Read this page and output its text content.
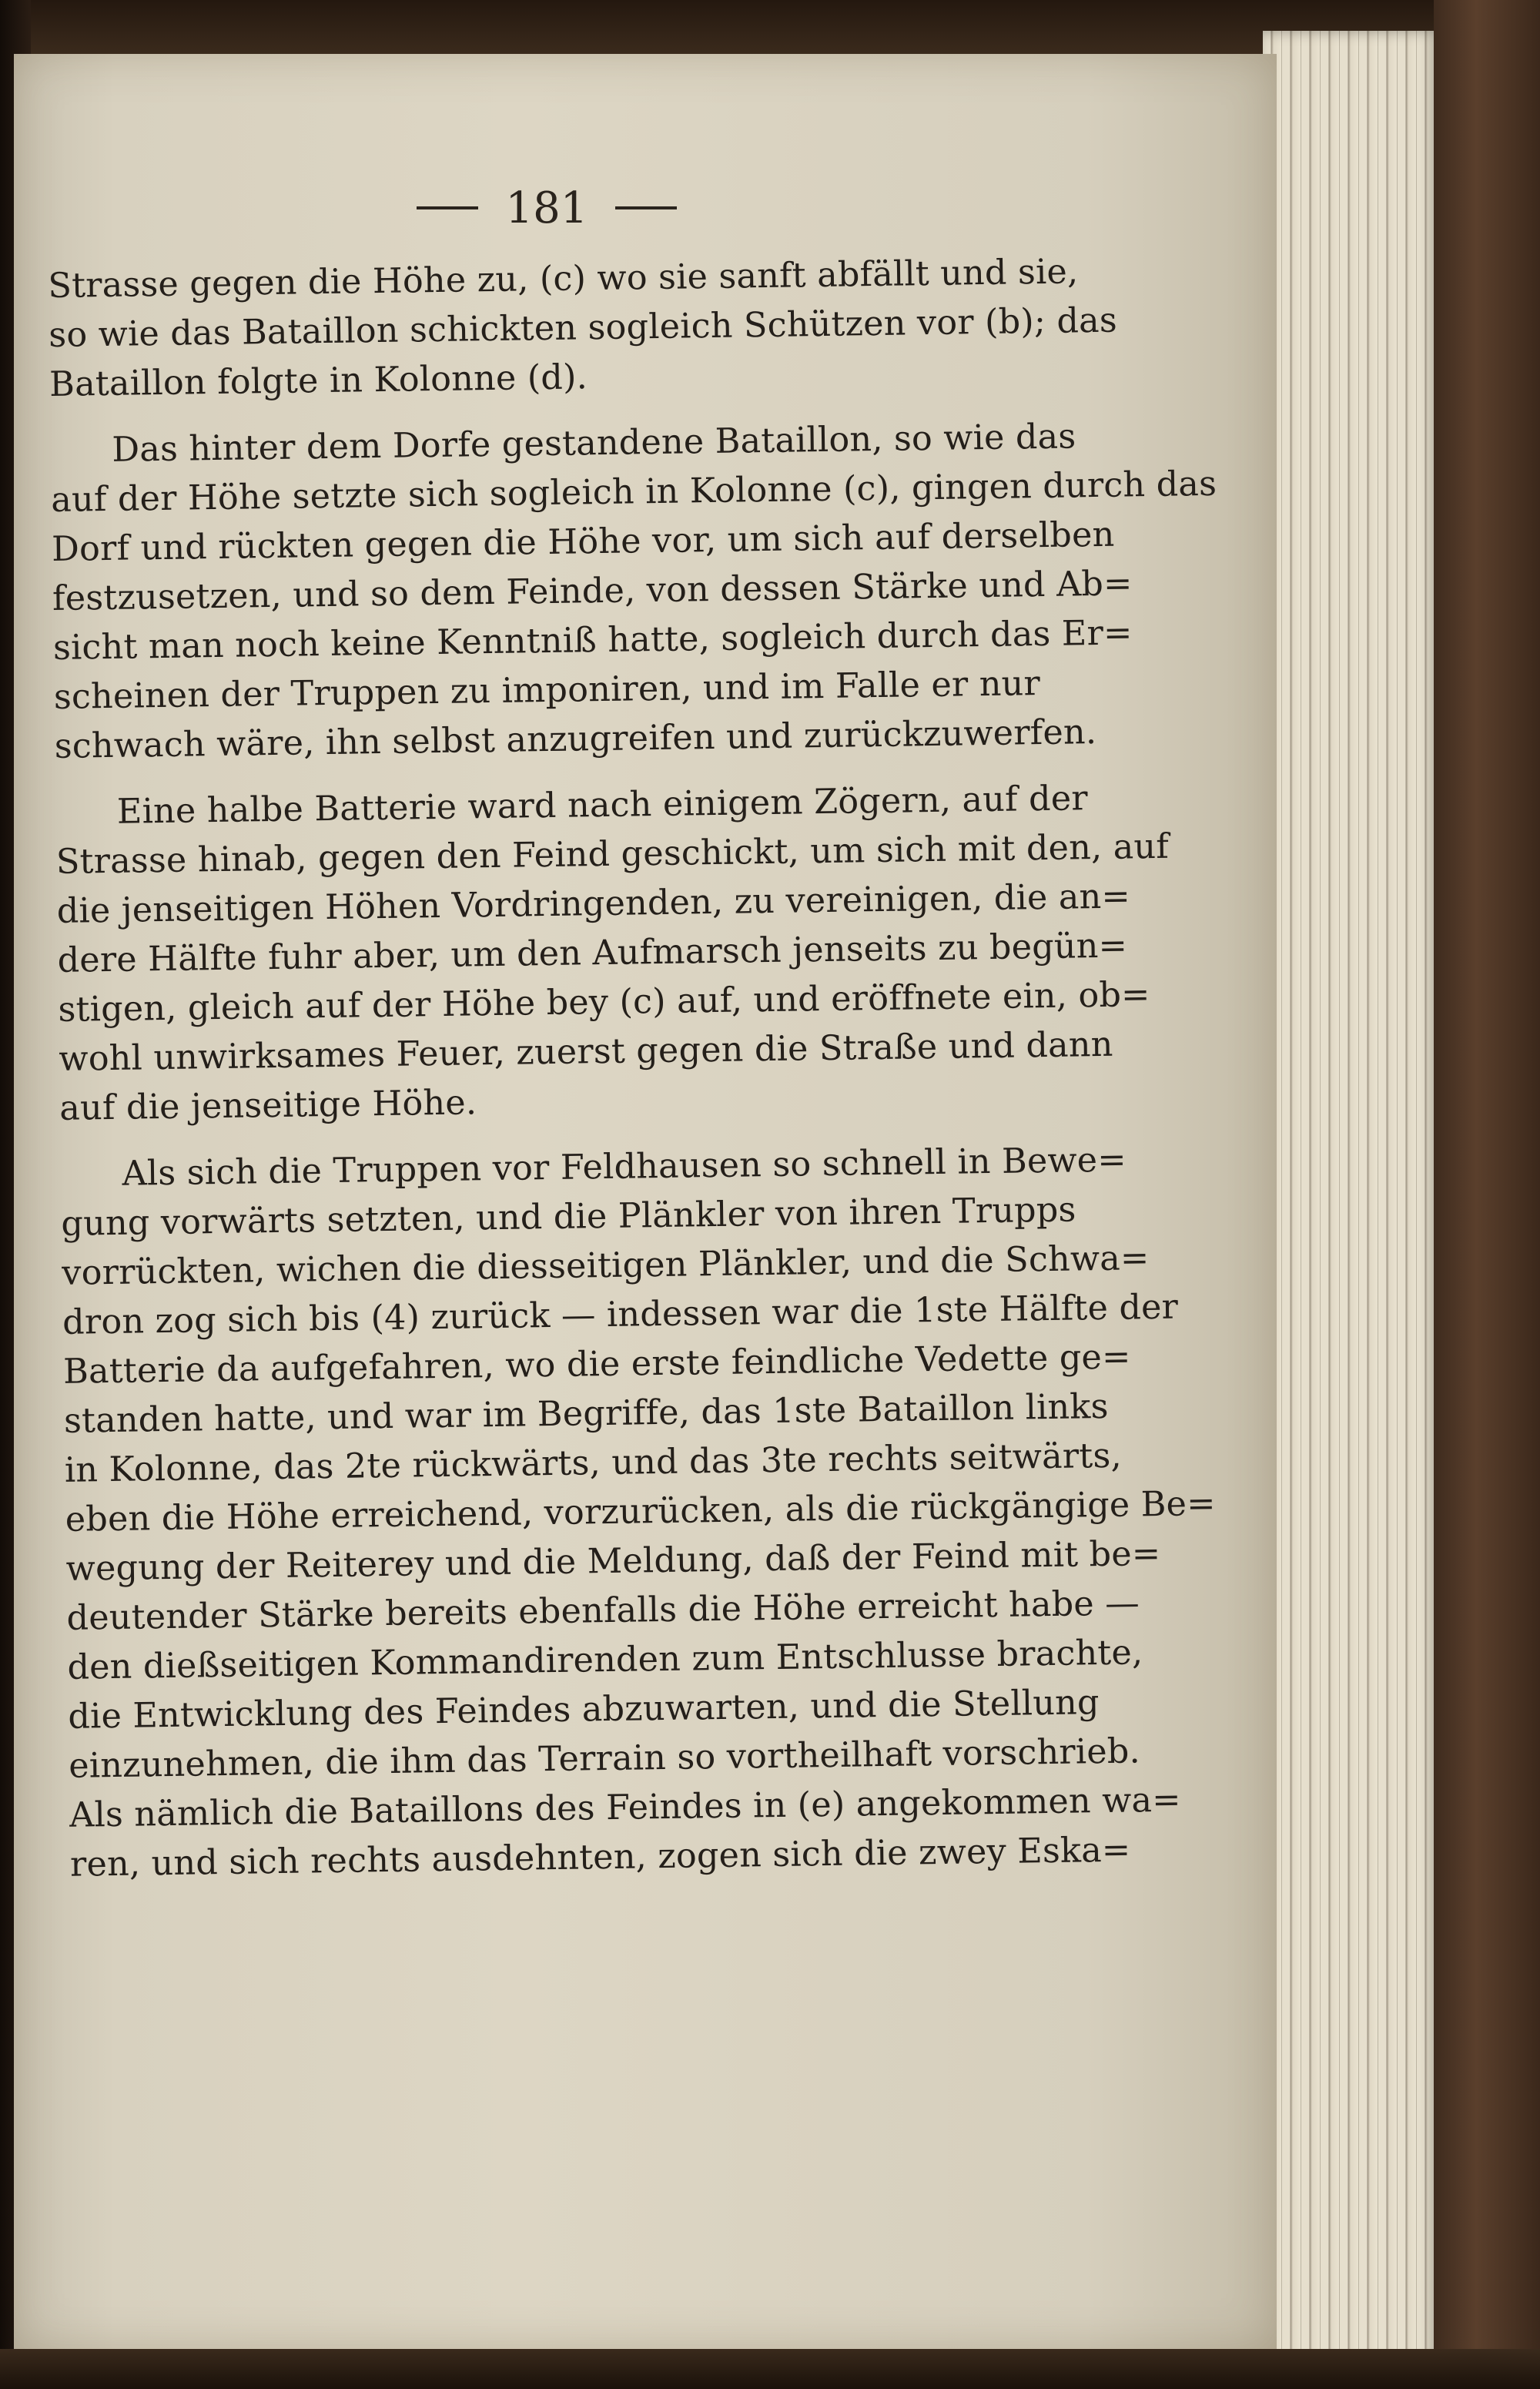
181
Strasse gegen die Höhe zu, (c) wo sie sanft abfällt und sie,
so wie das Bataillon schickten sogleich Schützen vor (b); das
Bataillon folgte in Kolonne (d).
Das hinter dem Dorfe gestandene Bataillon, so wie das
auf der Höhe setzte sich sogleich in Kolonne (c), gingen durch das
Dorf und rückten gegen die Höhe vor, um sich auf derselben
festzusetzen, und so dem Feinde, von dessen Stärke und Ab=
sicht man noch keine Kenntniß hatte, sogleich durch das Er=
scheinen der Truppen zu imponiren, und im Falle er nur
schwach wäre, ihn selbst anzugreifen und zurückzuwerfen.
Eine halbe Batterie ward nach einigem Zögern, auf der
Strasse hinab, gegen den Feind geschickt, um sich mit den, auf
die jenseitigen Höhen Vordringenden, zu vereinigen, die an=
dere Hälfte fuhr aber, um den Aufmarsch jenseits zu begün=
stigen, gleich auf der Höhe bey (c) auf, und eröffnete ein, ob=
wohl unwirksames Feuer, zuerst gegen die Straße und dann
auf die jenseitige Höhe.
Als sich die Truppen vor Feldhausen so schnell in Bewe=
gung vorwärts setzten, und die Plänkler von ihren Trupps
vorrückten, wichen die diesseitigen Plänkler, und die Schwa=
dron zog sich bis (4) zurück — indessen war die 1ste Hälfte der
Batterie da aufgefahren, wo die erste feindliche Vedette ge=
standen hatte, und war im Begriffe, das 1ste Bataillon links
in Kolonne, das 2te rückwärts, und das 3te rechts seitwärts,
eben die Höhe erreichend, vorzurücken, als die rückgängige Be=
wegung der Reiterey und die Meldung, daß der Feind mit be=
deutender Stärke bereits ebenfalls die Höhe erreicht habe —
den dießseitigen Kommandirenden zum Entschlusse brachte,
die Entwicklung des Feindes abzuwarten, und die Stellung
einzunehmen, die ihm das Terrain so vortheilhaft vorschrieb.
Als nämlich die Bataillons des Feindes in (e) angekommen wa=
ren, und sich rechts ausdehnten, zogen sich die zwey Eska=
